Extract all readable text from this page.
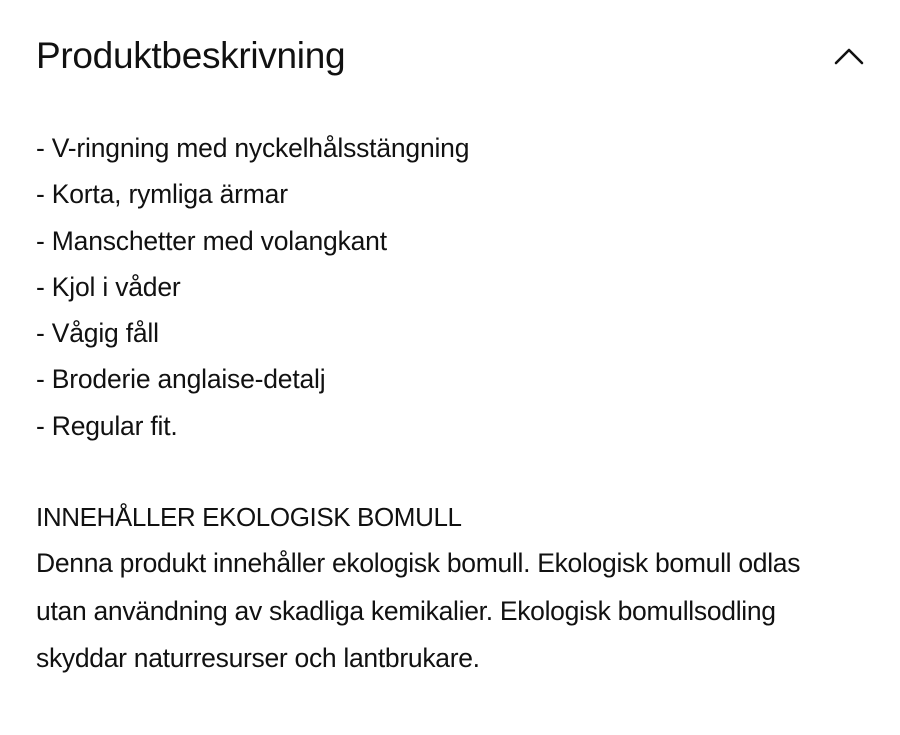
Produktbeskrivning
- V-ringning med nyckelhålsstängning
- Korta, rymliga ärmar
- Manschetter med volangkant
- Kjol i våder
- Vågig fåll
- Broderie anglaise-detalj
- Regular fit.
INNEHÅLLER EKOLOGISK BOMULL

Denna produkt innehåller ekologisk bomull. Ekologisk bomull odlas
utan användning av skadliga kemikalier. Ekologisk bomullsodling
skyddar naturresurser och lantbrukare.
